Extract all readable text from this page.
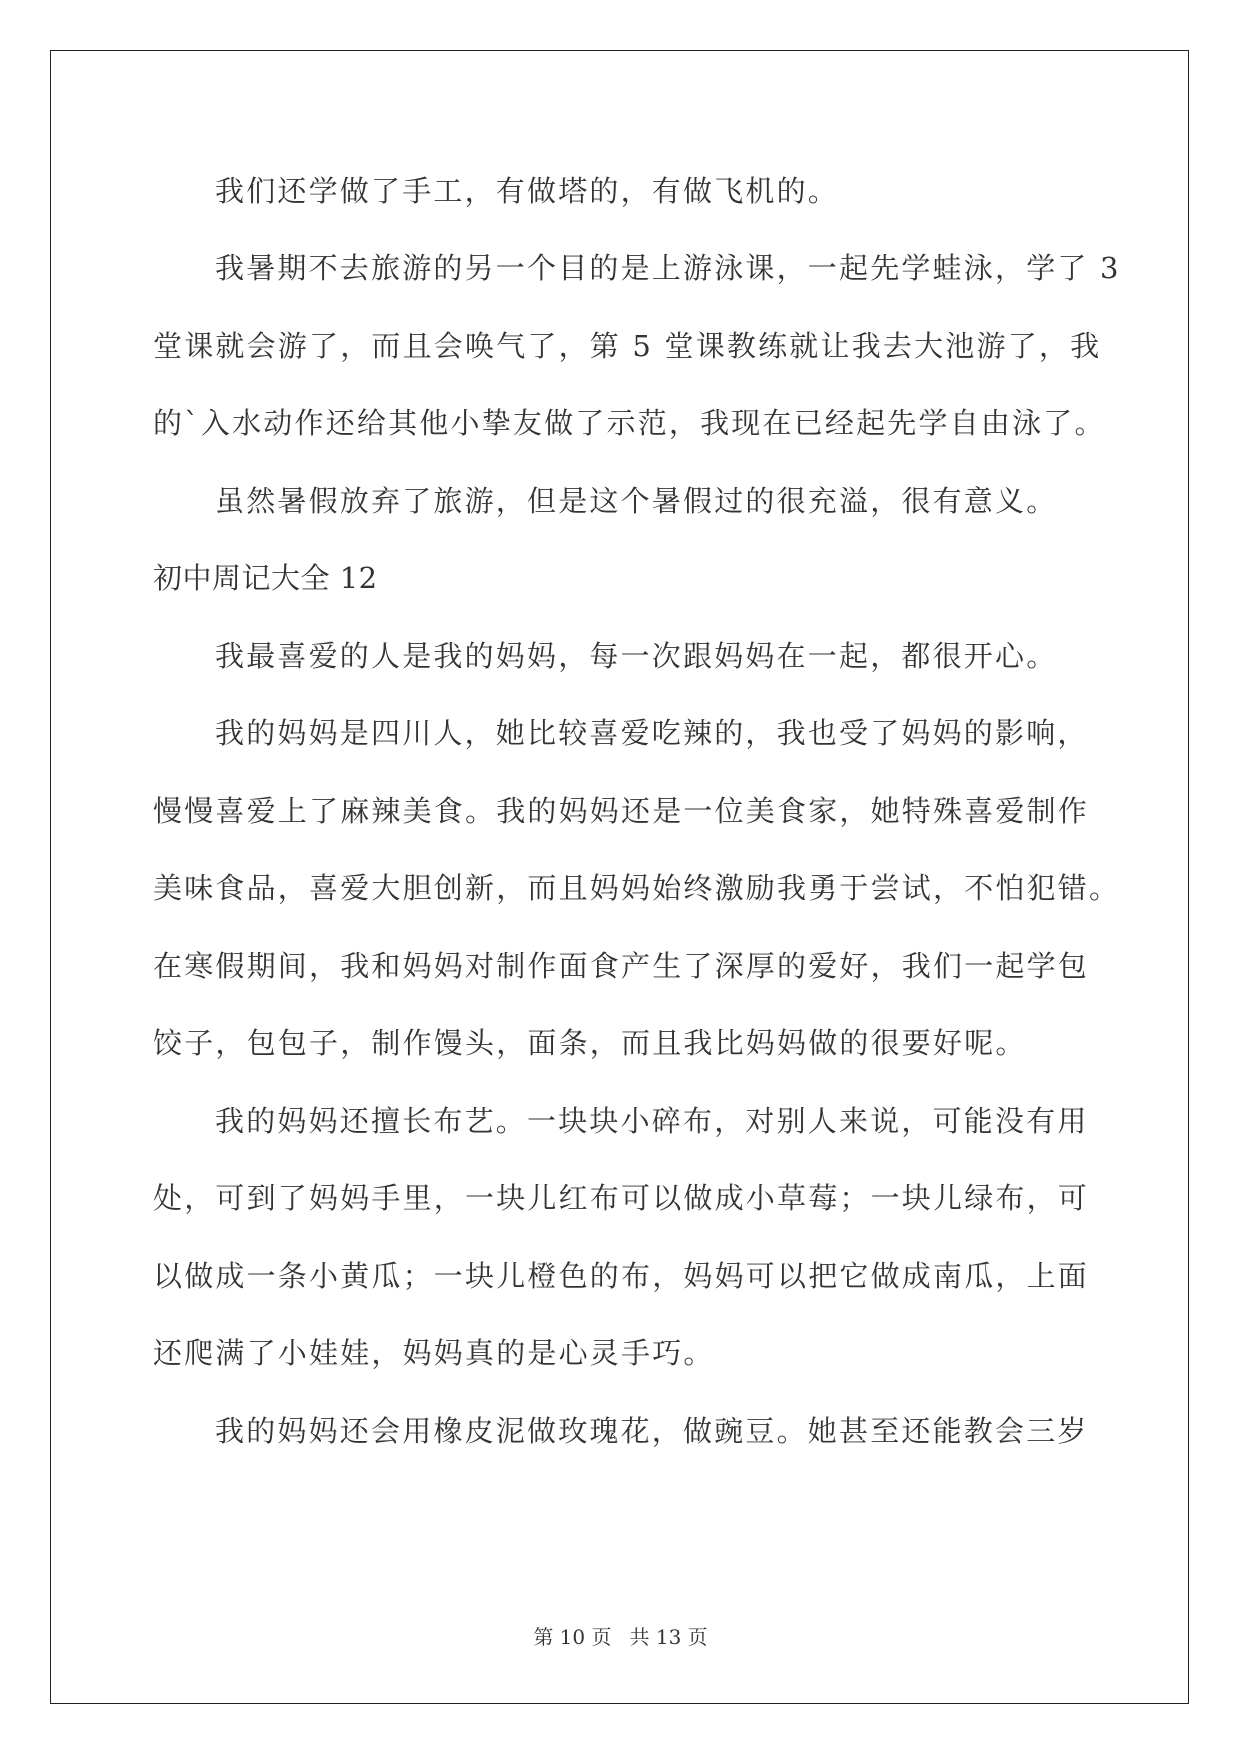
我们还学做了手工，有做塔的，有做飞机的。
我暑期不去旅游的另一个目的是上游泳课，一起先学蛙泳，学了 3
堂课就会游了，而且会唤气了，第 5 堂课教练就让我去大池游了，我
的`入水动作还给其他小挚友做了示范，我现在已经起先学自由泳了。
虽然暑假放弃了旅游，但是这个暑假过的很充溢，很有意义。
初中周记大全 12
我最喜爱的人是我的妈妈，每一次跟妈妈在一起，都很开心。
我的妈妈是四川人，她比较喜爱吃辣的，我也受了妈妈的影响，
慢慢喜爱上了麻辣美食。我的妈妈还是一位美食家，她特殊喜爱制作
美味食品，喜爱大胆创新，而且妈妈始终激励我勇于尝试，不怕犯错。
在寒假期间，我和妈妈对制作面食产生了深厚的爱好，我们一起学包
饺子，包包子，制作馒头，面条，而且我比妈妈做的很要好呢。
我的妈妈还擅长布艺。一块块小碎布，对别人来说，可能没有用
处，可到了妈妈手里，一块儿红布可以做成小草莓；一块儿绿布，可
以做成一条小黄瓜；一块儿橙色的布，妈妈可以把它做成南瓜，上面
还爬满了小娃娃，妈妈真的是心灵手巧。
我的妈妈还会用橡皮泥做玫瑰花，做豌豆。她甚至还能教会三岁
第 10 页 共 13 页
